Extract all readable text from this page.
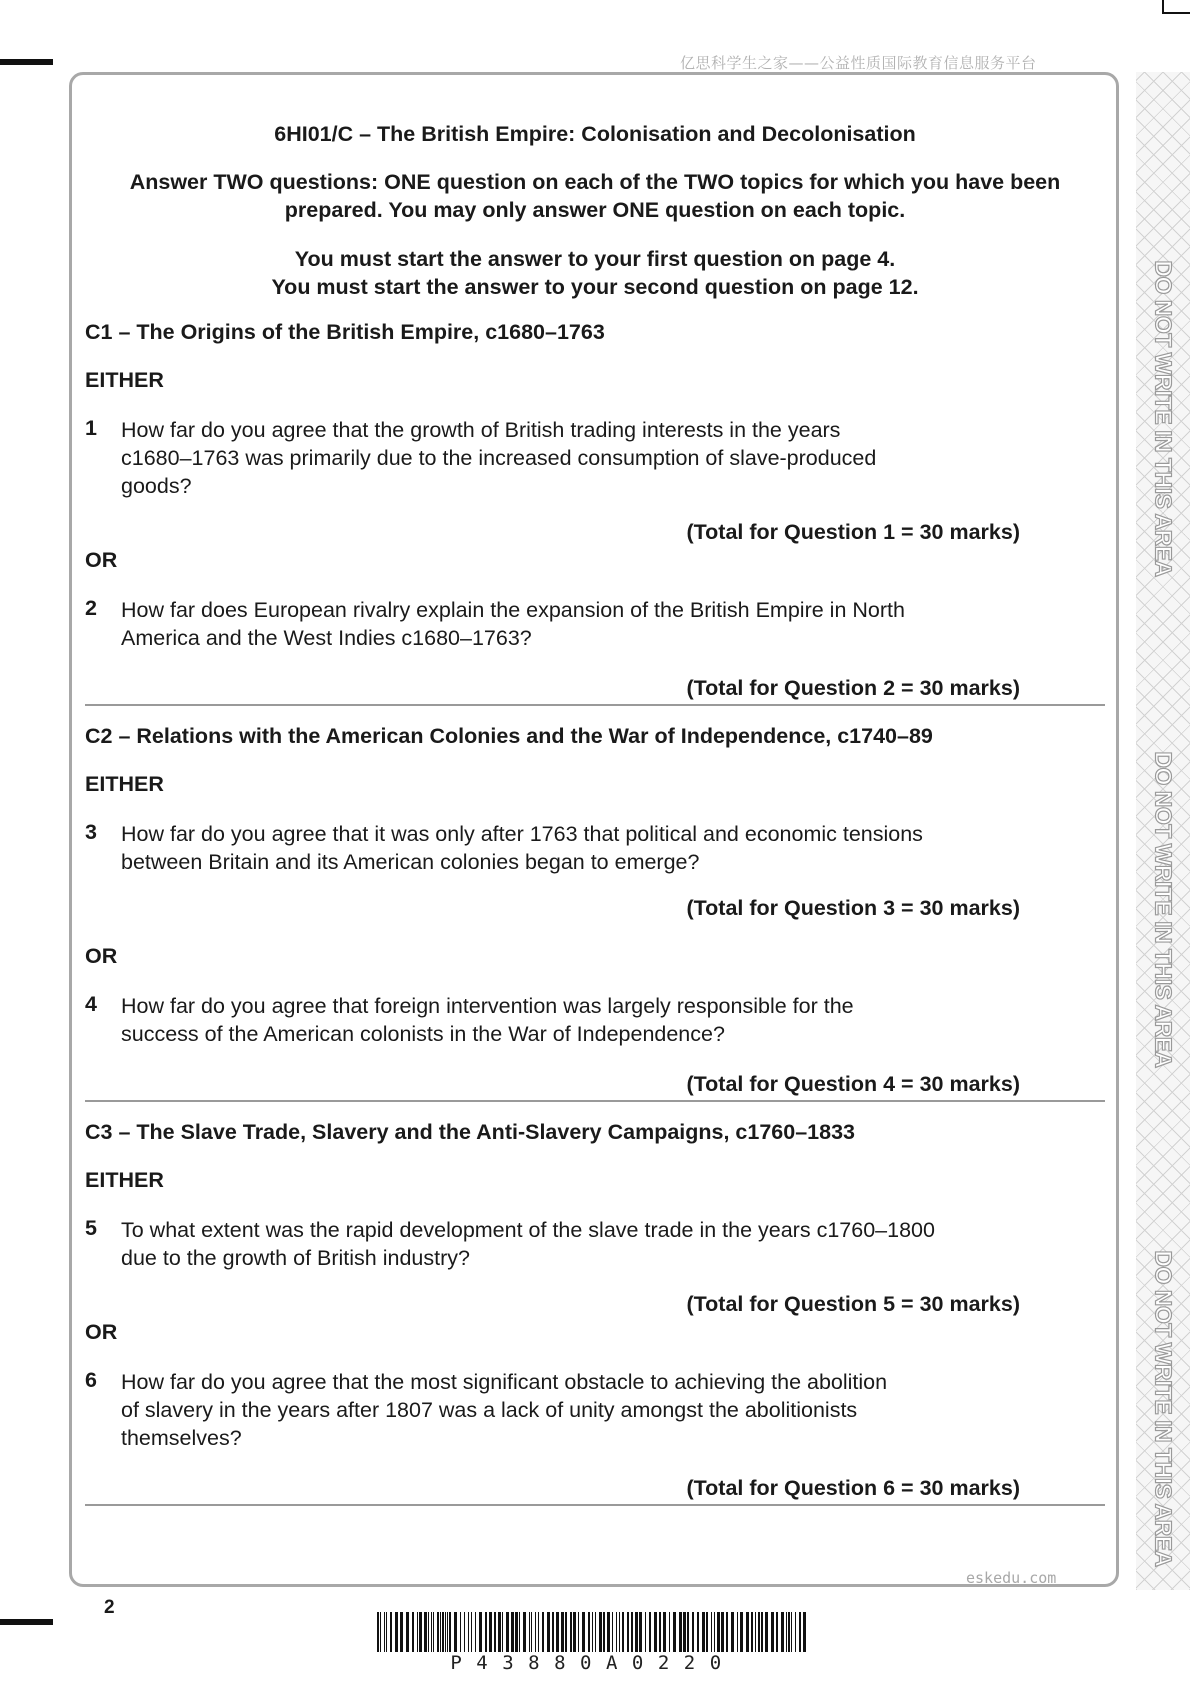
亿思科学生之家——公益性质国际教育信息服务平台
DO NOT WRITE IN THIS AREA
DO NOT WRITE IN THIS AREA
DO NOT WRITE IN THIS AREA
6HI01/C – The British Empire: Colonisation and Decolonisation
Answer TWO questions: ONE question on each of the TWO topics for which you have been
prepared. You may only answer ONE question on each topic.
You must start the answer to your first question on page 4.
You must start the answer to your second question on page 12.
C1 – The Origins of the British Empire, c1680–1763
EITHER
1 How far do you agree that the growth of British trading interests in the years
c1680–1763 was primarily due to the increased consumption of slave-produced
goods?
(Total for Question 1 = 30 marks)
OR
2 How far does European rivalry explain the expansion of the British Empire in North
America and the West Indies c1680–1763?
(Total for Question 2 = 30 marks)
C2 – Relations with the American Colonies and the War of Independence, c1740–89
EITHER
3 How far do you agree that it was only after 1763 that political and economic tensions
between Britain and its American colonies began to emerge?
(Total for Question 3 = 30 marks)
OR
4 How far do you agree that foreign intervention was largely responsible for the
success of the American colonists in the War of Independence?
(Total for Question 4 = 30 marks)
C3 – The Slave Trade, Slavery and the Anti-Slavery Campaigns, c1760–1833
EITHER
5 To what extent was the rapid development of the slave trade in the years c1760–1800
due to the growth of British industry?
(Total for Question 5 = 30 marks)
OR
6 How far do you agree that the most significant obstacle to achieving the abolition
of slavery in the years after 1807 was a lack of unity amongst the abolitionists
themselves?
(Total for Question 6 = 30 marks)
eskedu.com
2
P43880A0220
